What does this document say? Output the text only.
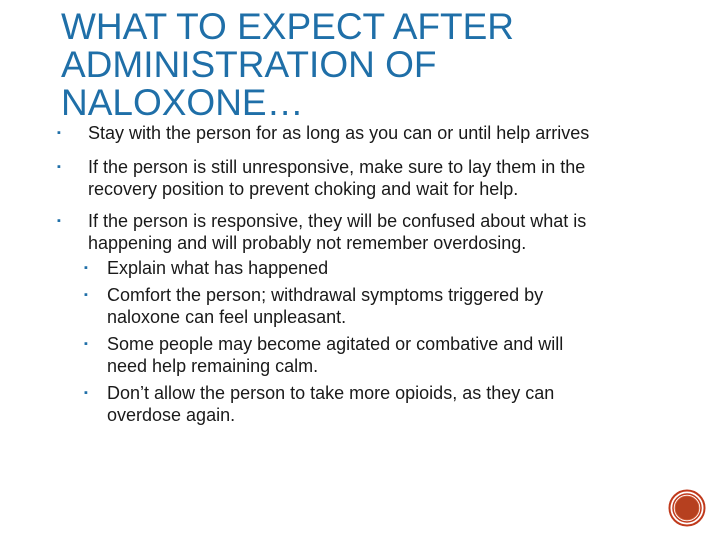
WHAT TO EXPECT AFTER
ADMINISTRATION OF
NALOXONE…
▪ Stay with the person for as long as you can or until help arrives
▪ If the person is still unresponsive, make sure to lay them in the
recovery position to prevent choking and wait for help.
▪ If the person is responsive, they will be confused about what is
happening and will probably not remember overdosing.
▪ Explain what has happened
▪ Comfort the person; withdrawal symptoms triggered by
naloxone can feel unpleasant.
▪ Some people may become agitated or combative and will
need help remaining calm.
▪ Don’t allow the person to take more opioids, as they can
overdose again.
